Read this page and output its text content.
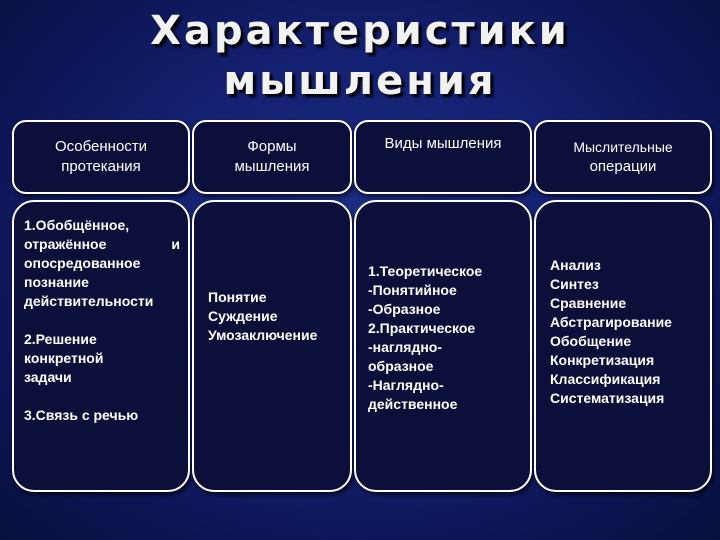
Характеристики
мышления
Особенности
протекания
Формы
мышления
Виды мышления	Мыслительные
операции
1.Обобщённое,
отражённое	и
опосредованное
познание
действительности
2.Решение
конкретной
задачи
3.Связь с речью
Понятие
Суждение
Умозаключение
1.Теоретическое
-Понятийное
-Образное
2.Практическое
-наглядно-
образное
-Наглядно-
действенное
Анализ
Синтез
Сравнение
Абстрагирование
Обобщение
Конкретизация
Классификация
Систематизация
